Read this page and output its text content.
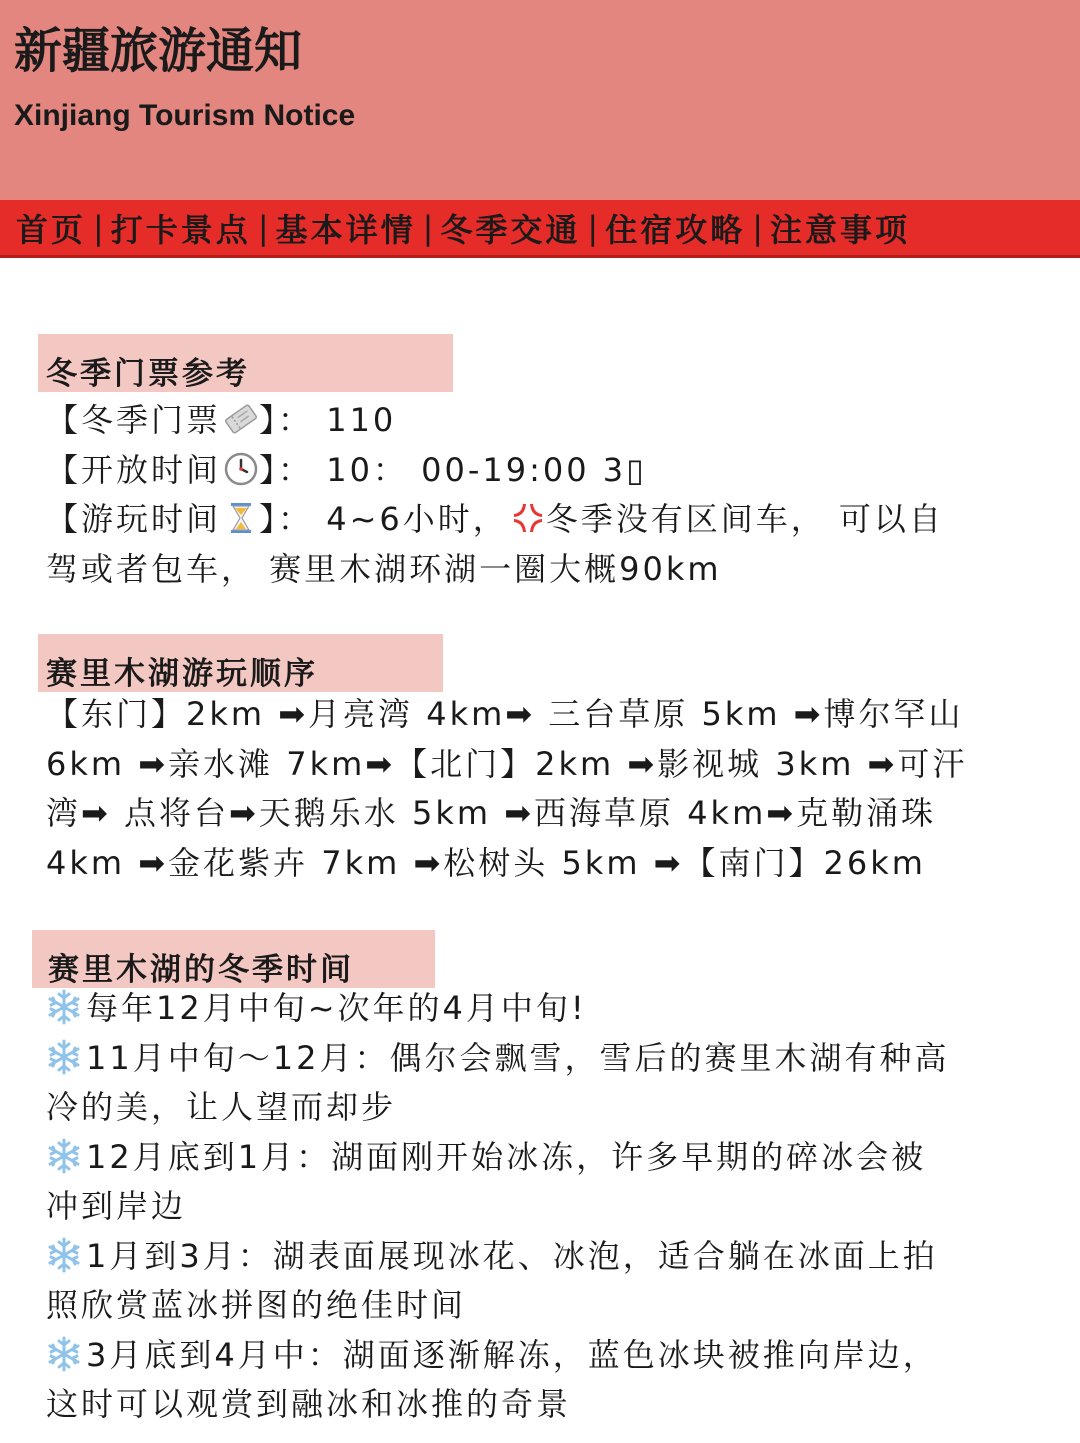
新疆旅游通知
Xinjiang Tourism Notice
首页 | 打卡景点 | 基本详情 | 冬季交通 | 住宿攻略 | 注意事项
冬季门票参考
【冬季门票 】： 110
【开放时间 】： 10： 00-19:00 3▯
【游玩时间 】： 4~6小时， 冬季没有区间车， 可以自
驾或者包车， 赛里木湖环湖一圈大概90km
赛里木湖游玩顺序
【东门】2km ➡月亮湾 4km➡ 三台草原 5km ➡博尔罕山
6km ➡亲水滩 7km➡【北门】2km ➡影视城 3km ➡可汗
湾➡ 点将台➡天鹅乐水 5km ➡西海草原 4km➡克勒涌珠
4km ➡金花紫卉 7km ➡松树头 5km ➡【南门】26km
赛里木湖的冬季时间
每年12月中旬~次年的4月中旬!
11月中旬～12月：偶尔会飘雪，雪后的赛里木湖有种高
冷的美，让人望而却步
12月底到1月：湖面刚开始冰冻，许多早期的碎冰会被
冲到岸边
1月到3月：湖表面展现冰花、冰泡，适合躺在冰面上拍
照欣赏蓝冰拼图的绝佳时间
3月底到4月中：湖面逐渐解冻，蓝色冰块被推向岸边，
这时可以观赏到融冰和冰推的奇景
